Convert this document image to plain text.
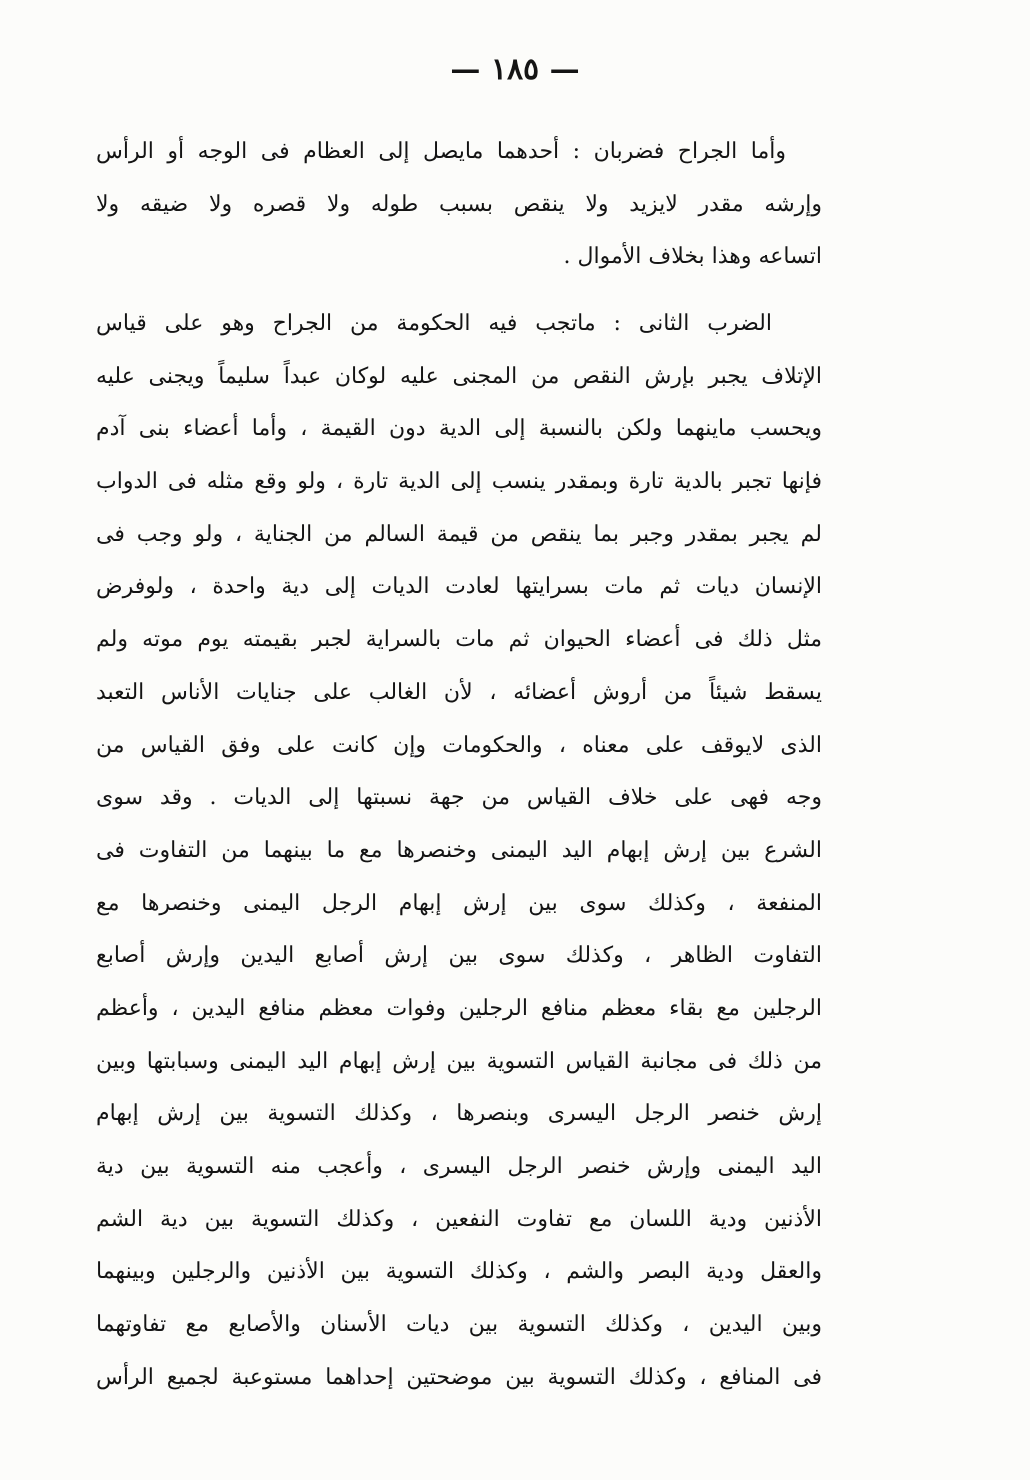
— ١٨٥ —
وأما الجراح فضربان : أحدهما مايصل إلى العظام فى الوجه أو الرأس
وإرشه مقدر لايزيد ولا ينقص بسبب طوله ولا قصره ولا ضيقه ولا
اتساعه وهذا بخلاف الأموال .
الضرب الثانى : ماتجب فيه الحكومة من الجراح وهو على قياس
الإتلاف يجبر بإرش النقص من المجنى عليه لوكان عبداً سليماً ويجنى عليه
ويحسب ماينهما ولكن بالنسبة إلى الدية دون القيمة ، وأما أعضاء بنى آدم
فإنها تجبر بالدية تارة وبمقدر ينسب إلى الدية تارة ، ولو وقع مثله فى الدواب
لم يجبر بمقدر وجبر بما ينقص من قيمة السالم من الجناية ، ولو وجب فى
الإنسان ديات ثم مات بسرايتها لعادت الديات إلى دية واحدة ، ولوفرض
مثل ذلك فى أعضاء الحيوان ثم مات بالسراية لجبر بقيمته يوم موته ولم
يسقط شيئاً من أروش أعضائه ، لأن الغالب على جنايات الأناس التعبد
الذى لايوقف على معناه ، والحكومات وإن كانت على وفق القياس من
وجه فهى على خلاف القياس من جهة نسبتها إلى الديات . وقد سوى
الشرع بين إرش إبهام اليد اليمنى وخنصرها مع ما بينهما من التفاوت فى
المنفعة ، وكذلك سوى بين إرش إبهام الرجل اليمنى وخنصرها مع
التفاوت الظاهر ، وكذلك سوى بين إرش أصابع اليدين وإرش أصابع
الرجلين مع بقاء معظم منافع الرجلين وفوات معظم منافع اليدين ، وأعظم
من ذلك فى مجانبة القياس التسوية بين إرش إبهام اليد اليمنى وسبابتها وبين
إرش خنصر الرجل اليسرى وبنصرها ، وكذلك التسوية بين إرش إبهام
اليد اليمنى وإرش خنصر الرجل اليسرى ، وأعجب منه التسوية بين دية
الأذنين ودية اللسان مع تفاوت النفعين ، وكذلك التسوية بين دية الشم
والعقل ودية البصر والشم ، وكذلك التسوية بين الأذنين والرجلين وبينهما
وبين اليدين ، وكذلك التسوية بين ديات الأسنان والأصابع مع تفاوتهما
فى المنافع ، وكذلك التسوية بين موضحتين إحداهما مستوعبة لجميع الرأس
